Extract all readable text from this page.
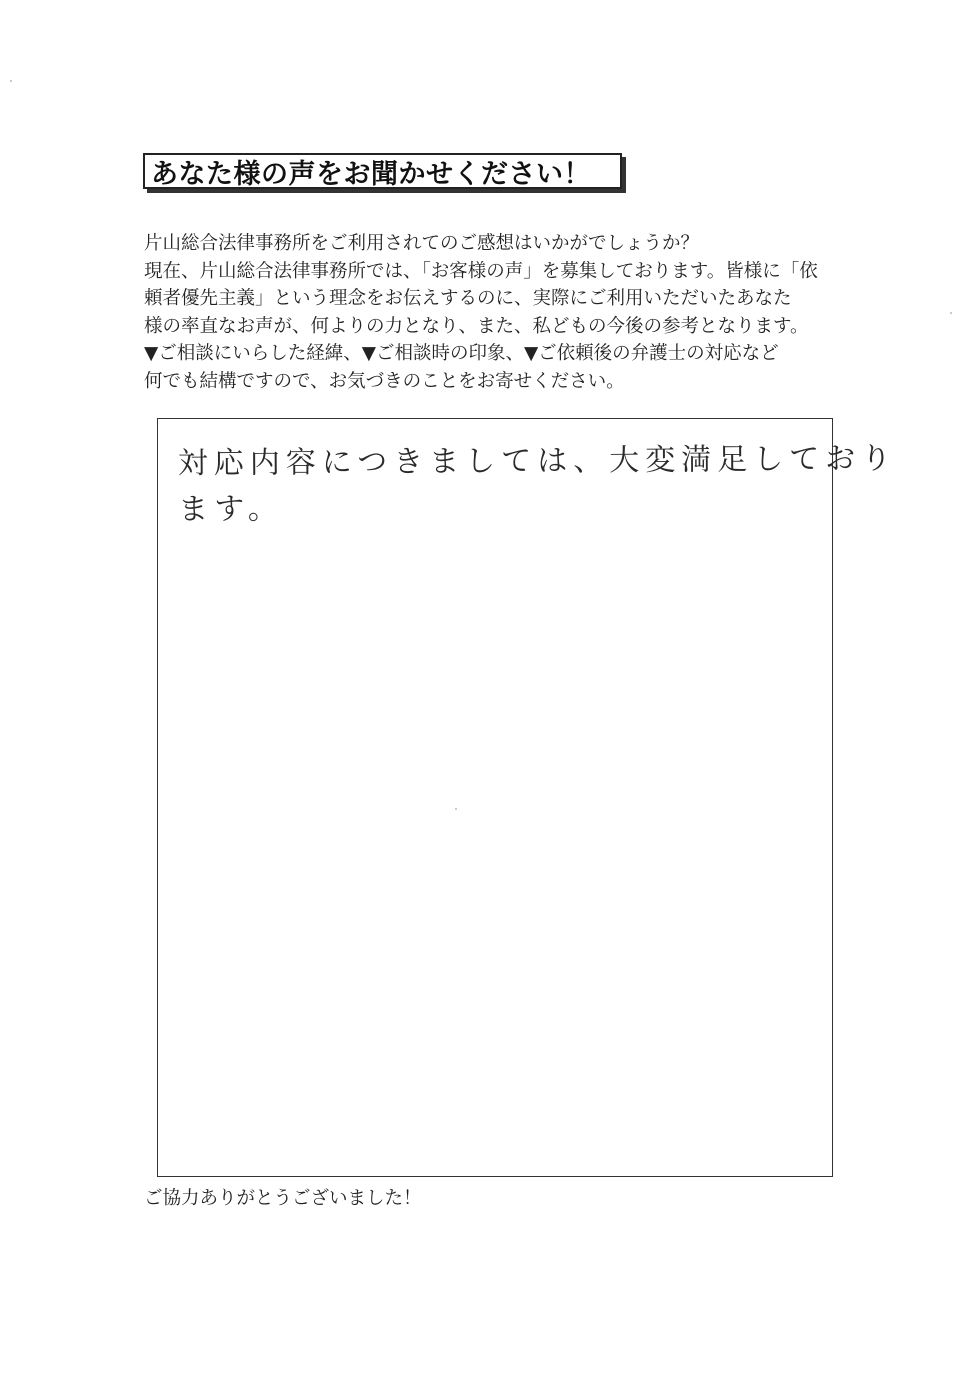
あなた様の声をお聞かせください！
片山総合法律事務所をご利用されてのご感想はいかがでしょうか？
現在、片山総合法律事務所では、「お客様の声」を募集しております。皆様に「依
頼者優先主義」という理念をお伝えするのに、実際にご利用いただいたあなた
様の率直なお声が、何よりの力となり、また、私どもの今後の参考となります。
▼ご相談にいらした経緯、▼ご相談時の印象、▼ご依頼後の弁護士の対応など
何でも結構ですので、お気づきのことをお寄せください。
対応内容につきましては、大変満足しており
ます。
ご協力ありがとうございました！
